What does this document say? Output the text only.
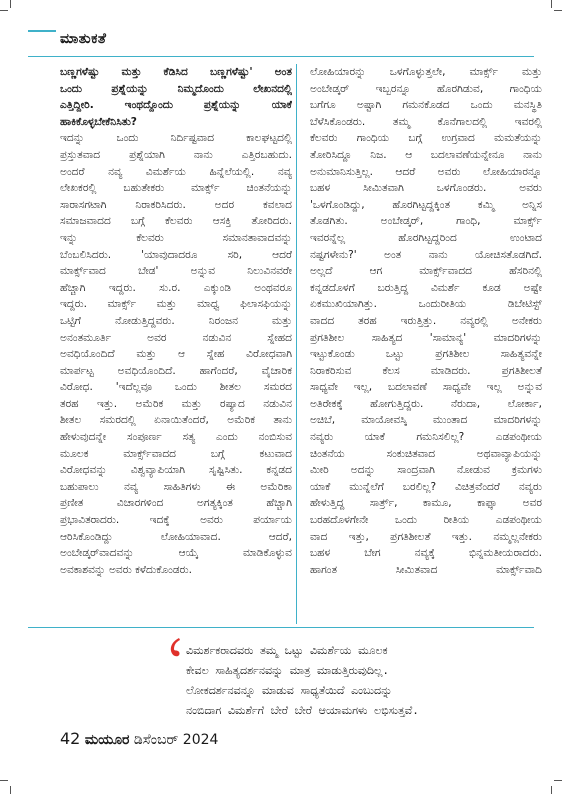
ಮಾತುಕತೆ
ಬಣ್ಣಗಳೆಷ್ಟು ಮತ್ತು ಕೆಡಿಸಿದ ಬಣ್ಣಗಳೆಷ್ಟು' ಅಂತ
ಒಂದು ಪ್ರಶ್ನೆಯನ್ನು ನಿಮ್ಮದೊಂದು ಲೇಖನದಲ್ಲಿ
ಎತ್ತಿದ್ದೀರಿ. ಇಂಥದ್ದೊಂದು ಪ್ರಶ್ನೆಯನ್ನು ಯಾಕೆ
ಹಾಕಿಕೊಳ್ಳಬೇಕೆನಿಸಿತು?
ಇದನ್ನು ಒಂದು ನಿರ್ದಿಷ್ಟವಾದ ಕಾಲಘಟ್ಟದಲ್ಲಿ
ಪ್ರಸ್ತುತವಾದ ಪ್ರಶ್ನೆಯಾಗಿ ನಾನು ಎತ್ತಿರಬಹುದು.
ಅಂದರೆ ನವ್ಯ ವಿಮರ್ಶೆಯ ಹಿನ್ನೆಲೆಯಲ್ಲಿ. ನವ್ಯ
ಲೇಖಕರಲ್ಲಿ ಬಹುತೇಕರು ಮಾರ್ಕ್ಸ್ ಚಿಂತನೆಯನ್ನು
ಸಾರಾಸಗಟಾಗಿ ನಿರಾಕರಿಸಿದರು. ಅದರ ಕವಲಾದ
ಸಮಾಜವಾದದ ಬಗ್ಗೆ ಕೆಲವರು ಆಸಕ್ತಿ ತೋರಿದರು.
ಇನ್ನು ಕೆಲವರು ಸಮಾನತಾವಾದವನ್ನು
ಬೆಂಬಲಿಸಿದರು. 'ಯಾವುದಾದರೂ ಸರಿ, ಆದರೆ
ಮಾರ್ಕ್ಸ್‌ವಾದ ಬೇಡ' ಅನ್ನುವ ನಿಲುವಿನವರೇ
ಹೆಚ್ಚಾಗಿ ಇದ್ದರು. ಸು.ರ. ಎಕ್ಕುಂಡಿ ಅಂಥವರೂ
ಇದ್ದರು. ಮಾರ್ಕ್ಸ್ ಮತ್ತು ಮಾಧ್ವ ಫಿಲಾಸಫಿಯನ್ನು
ಒಟ್ಟಿಗೆ ನೋಡುತ್ತಿದ್ದವರು. ನಿರಂಜನ ಮತ್ತು
ಅನಂತಮೂರ್ತಿ ಅವರ ನಡುವಿನ ಸ್ನೇಹದ
ಅವಧಿಯೊಂದಿದೆ ಮತ್ತು ಆ ಸ್ನೇಹ ವಿರೋಧವಾಗಿ
ಮಾರ್ಪಟ್ಟ ಅವಧಿಯೊಂದಿದೆ. ಹಾಗೆಂದರೆ, ವೈಚಾರಿಕ
ವಿರೋಧ. 'ಇದೆಲ್ಲವೂ ಒಂದು ಶೀತಲ ಸಮರದ
ತರಹ ಇತ್ತು. ಅಮೆರಿಕ ಮತ್ತು ರಷ್ಯಾದ ನಡುವಿನ
ಶೀತಲ ಸಮರದಲ್ಲಿ ಏನಾಯಿತೆಂದರೆ, ಅಮೆರಿಕ ತಾನು
ಹೇಳುವುದನ್ನೇ ಸಂಪೂರ್ಣ ಸತ್ಯ ಎಂದು ನಂಬಿಸುವ
ಮೂಲಕ ಮಾರ್ಕ್ಸ್‌ವಾದದ ಬಗ್ಗೆ ಕಟುವಾದ
ವಿರೋಧವನ್ನು ವಿಶ್ವವ್ಯಾಪಿಯಾಗಿ ಸೃಷ್ಟಿಸಿತು. ಕನ್ನಡದ
ಬಹುಪಾಲು ನವ್ಯ ಸಾಹಿತಿಗಳು ಈ ಅಮೆರಿಕಾ
ಪ್ರಣೀತ ವಿಚಾರಗಳಿಂದ ಅಗತ್ಯಕ್ಕಿಂತ ಹೆಚ್ಚಾಗಿ
ಪ್ರಭಾವಿತರಾದರು. ಇದಕ್ಕೆ ಅವರು ಪರ್ಯಾಯ
ಆರಿಸಿಕೊಂಡಿದ್ದು ಲೋಹಿಯಾವಾದ. ಆದರೆ,
ಅಂಬೇಡ್ಕರ್‌ವಾದವನ್ನು ಆಯ್ಕೆ ಮಾಡಿಕೊಳ್ಳುವ
ಅವಕಾಶವನ್ನು ಅವರು ಕಳೆದುಕೊಂಡರು.
ಲೋಹಿಯಾರನ್ನು ಒಳಗೊಳ್ಳುತ್ತಲೇ, ಮಾರ್ಕ್ಸ್ ಮತ್ತು
ಅಂಬೇಡ್ಕರ್ ಇಬ್ಬರನ್ನೂ ಹೊರಗಿಡುವ, ಗಾಂಧಿಯ
ಬಗೆಗೂ ಅಷ್ಟಾಗಿ ಗಮನಕೊಡದ ಒಂದು ಮನಸ್ಥಿತಿ
ಬೆಳೆಸಿಕೊಂಡರು. ತಮ್ಮ ಕೊನೆಗಾಲದಲ್ಲಿ ಇವರಲ್ಲಿ
ಕೆಲವರು ಗಾಂಧಿಯ ಬಗ್ಗೆ ಉಗ್ರವಾದ ಮಮತೆಯನ್ನು
ತೋರಿಸಿದ್ದೂ ನಿಜ. ಆ ಬದಲಾವಣೆಯನ್ನೇನೂ ನಾನು
ಅನುಮಾನಿಸುತ್ತಿಲ್ಲ. ಆದರೆ ಅವರು ಲೋಹಿಯಾರನ್ನೂ
ಬಹಳ ಸೀಮಿತವಾಗಿ ಒಳಗೊಂಡರು. ಅವರು
'ಒಳಗೊಂಡಿದ್ದು, ಹೊರಗಿಟ್ಟದ್ದಕ್ಕಿಂತ ಕಮ್ಮಿ ಅನ್ನಿಸ
ತೊಡಗಿತು. ಅಂಬೇಡ್ಕರ್, ಗಾಂಧಿ, ಮಾರ್ಕ್ಸ್
ಇವರನ್ನೆಲ್ಲ ಹೊರಗಿಟ್ಟದ್ದರಿಂದ ಉಂಟಾದ
ನಷ್ಟಗಳೇನು?' ಅಂತ ನಾನು ಯೋಚಿಸತೊಡಗಿದೆ.
ಅಲ್ಲದೆ ಆಗ ಮಾರ್ಕ್ಸ್‌ವಾದದ ಹೆಸರಿನಲ್ಲಿ
ಕನ್ನಡದೊಳಗೆ ಬರುತ್ತಿದ್ದ ವಿಮರ್ಶೆ ಕೂಡ ಅಷ್ಟೇ
ಏಕಮುಖಿಯಾಗಿತ್ತು. ಒಂದುರೀತಿಯ ಡಿಬೇಟಿಸ್ಟ್
ವಾದದ ತರಹ ಇರುತ್ತಿತ್ತು. ನವ್ಯರಲ್ಲಿ ಅನೇಕರು
ಪ್ರಗತಿಶೀಲ ಸಾಹಿತ್ಯದ 'ಸಾಮಾನ್ಯ' ಮಾದರಿಗಳನ್ನು
ಇಟ್ಟುಕೊಂಡು ಒಟ್ಟು ಪ್ರಗತಿಶೀಲ ಸಾಹಿತ್ಯವನ್ನೇ
ನಿರಾಕರಿಸುವ ಕೆಲಸ ಮಾಡಿದರು. ಪ್ರಗತಿಶೀಲತೆ
ಸಾಧ್ಯವೇ ಇಲ್ಲ, ಬದಲಾವಣೆ ಸಾಧ್ಯವೇ ಇಲ್ಲ ಅನ್ನುವ
ಅತಿರೇಕಕ್ಕೆ ಹೋಗುತ್ತಿದ್ದರು. ನೆರುದಾ, ಲೋರ್ಕಾ,
ಅಚಿಬೆ, ಮಾಯೋವಸ್ಕಿ ಮುಂತಾದ ಮಾದರಿಗಳನ್ನು
ನವ್ಯರು ಯಾಕೆ ಗಮನಿಸಲಿಲ್ಲ? ಎಡಪಂಥೀಯ
ಚಿಂತನೆಯ ಸಂಕುಚಿತವಾದ ಅಥವಾವ್ಯಾಪಿಯನ್ನು
ಮೀರಿ ಅದನ್ನು ಸಾಂದ್ರವಾಗಿ ನೋಡುವ ಕ್ರಮಗಳು
ಯಾಕೆ ಮುನ್ನೆಲೆಗೆ ಬರಲಿಲ್ಲ? ವಿಚಿತ್ರವೆಂದರೆ ನವ್ಯರು
ಹೇಳುತ್ತಿದ್ದ ಸಾರ್ತ್ರ್, ಕಾಮೂ, ಕಾಫ್ಕಾ ಅವರ
ಬರಹದೊಳಗೇನೇ ಒಂದು ರೀತಿಯ ಎಡಪಂಥೀಯ
ವಾದ ಇತ್ತು, ಪ್ರಗತಿಶೀಲತೆ ಇತ್ತು. ನಮ್ಮಲ್ಲನೇಕರು
ಬಹಳ ಬೇಗ ನವ್ಯಕ್ಕೆ ಭಿನ್ನಮತೀಯರಾದರು.
ಹಾಗಂತ ಸೀಮಿತವಾದ ಮಾರ್ಕ್ಸ್‌ವಾದಿ
ವಿಮರ್ಶಕರಾದವರು ತಮ್ಮ ಒಟ್ಟು ವಿಮರ್ಶೆಯ ಮೂಲಕ
ಕೇವಲ ಸಾಹಿತ್ಯದರ್ಶನವನ್ನು ಮಾತ್ರ ಮಾಡುತ್ತಿರುವುದಿಲ್ಲ.
ಲೋಕದರ್ಶನವನ್ನೂ ಮಾಡುವ ಸಾಧ್ಯತೆಯಿದೆ ಎಂಬುದನ್ನು
ನಂಬಿದಾಗ ವಿಮರ್ಶೆಗೆ ಬೇರೆ ಬೇರೆ ಆಯಾಮಗಳು ಲಭಿಸುತ್ತವೆ.
42 ಮಯೂರ ಡಿಸೆಂಬರ್ 2024
